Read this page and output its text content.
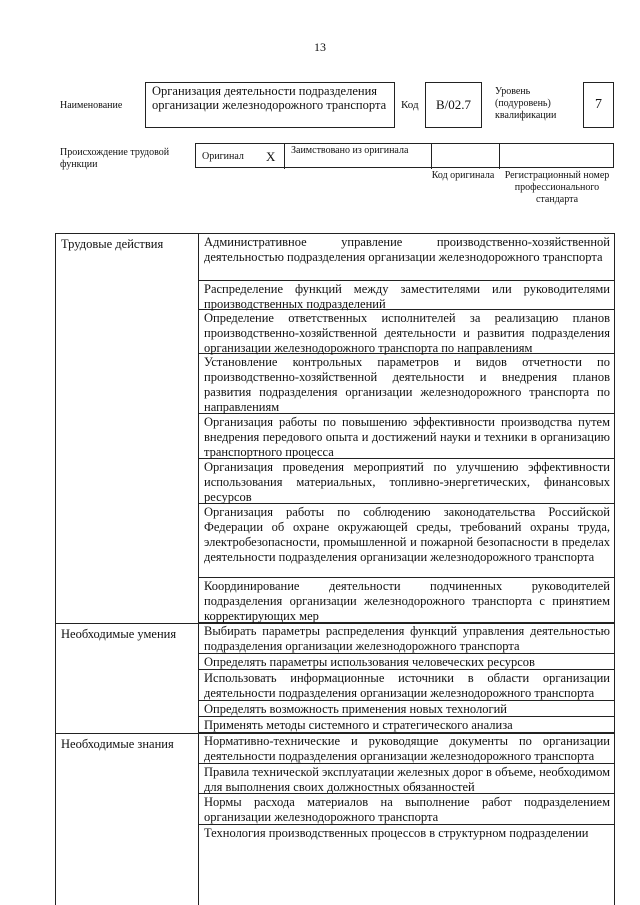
13
Наименование
Организация деятельности подразделения организации железнодорожного транспорта	Код	B/02.7
Уровень (подуровень) квалификации
7
Происхождение трудовой функции
Оригинал X Заимствовано из оригинала
Код оригинала	Регистрационный номер профессионального стандарта
Трудовые действия	Административное управление производственно-хозяйственной деятельностью подразделения организации железнодорожного транспорта
Распределение функций между заместителями или руководителями производственных подразделений
Определение ответственных исполнителей за реализацию планов производственно-хозяйственной деятельности и развития подразделения организации железнодорожного транспорта по направлениям
Установление контрольных параметров и видов отчетности по производственно-хозяйственной деятельности и внедрения планов развития подразделения организации железнодорожного транспорта по направлениям
Организация работы по повышению эффективности производства путем внедрения передового опыта и достижений науки и техники в организацию транспортного процесса
Организация проведения мероприятий по улучшению эффективности использования материальных, топливно-энергетических, финансовых ресурсов
Организация работы по соблюдению законодательства Российской Федерации об охране окружающей среды, требований охраны труда, электробезопасности, промышленной и пожарной безопасности в пределах деятельности подразделения организации железнодорожного транспорта
Координирование деятельности подчиненных руководителей подразделения организации железнодорожного транспорта с принятием корректирующих мер
Необходимые умения	Выбирать параметры распределения функций управления деятельностью подразделения организации железнодорожного транспорта
Определять параметры использования человеческих ресурсов
Использовать информационные источники в области организации деятельности подразделения организации железнодорожного транспорта
Определять возможность применения новых технологий
Применять методы системного и стратегического анализа
Необходимые знания	Нормативно-технические и руководящие документы по организации деятельности подразделения организации железнодорожного транспорта
Правила технической эксплуатации железных дорог в объеме, необходимом для выполнения своих должностных обязанностей
Нормы расхода материалов на выполнение работ подразделением организации железнодорожного транспорта
Технология производственных процессов в структурном подразделении
